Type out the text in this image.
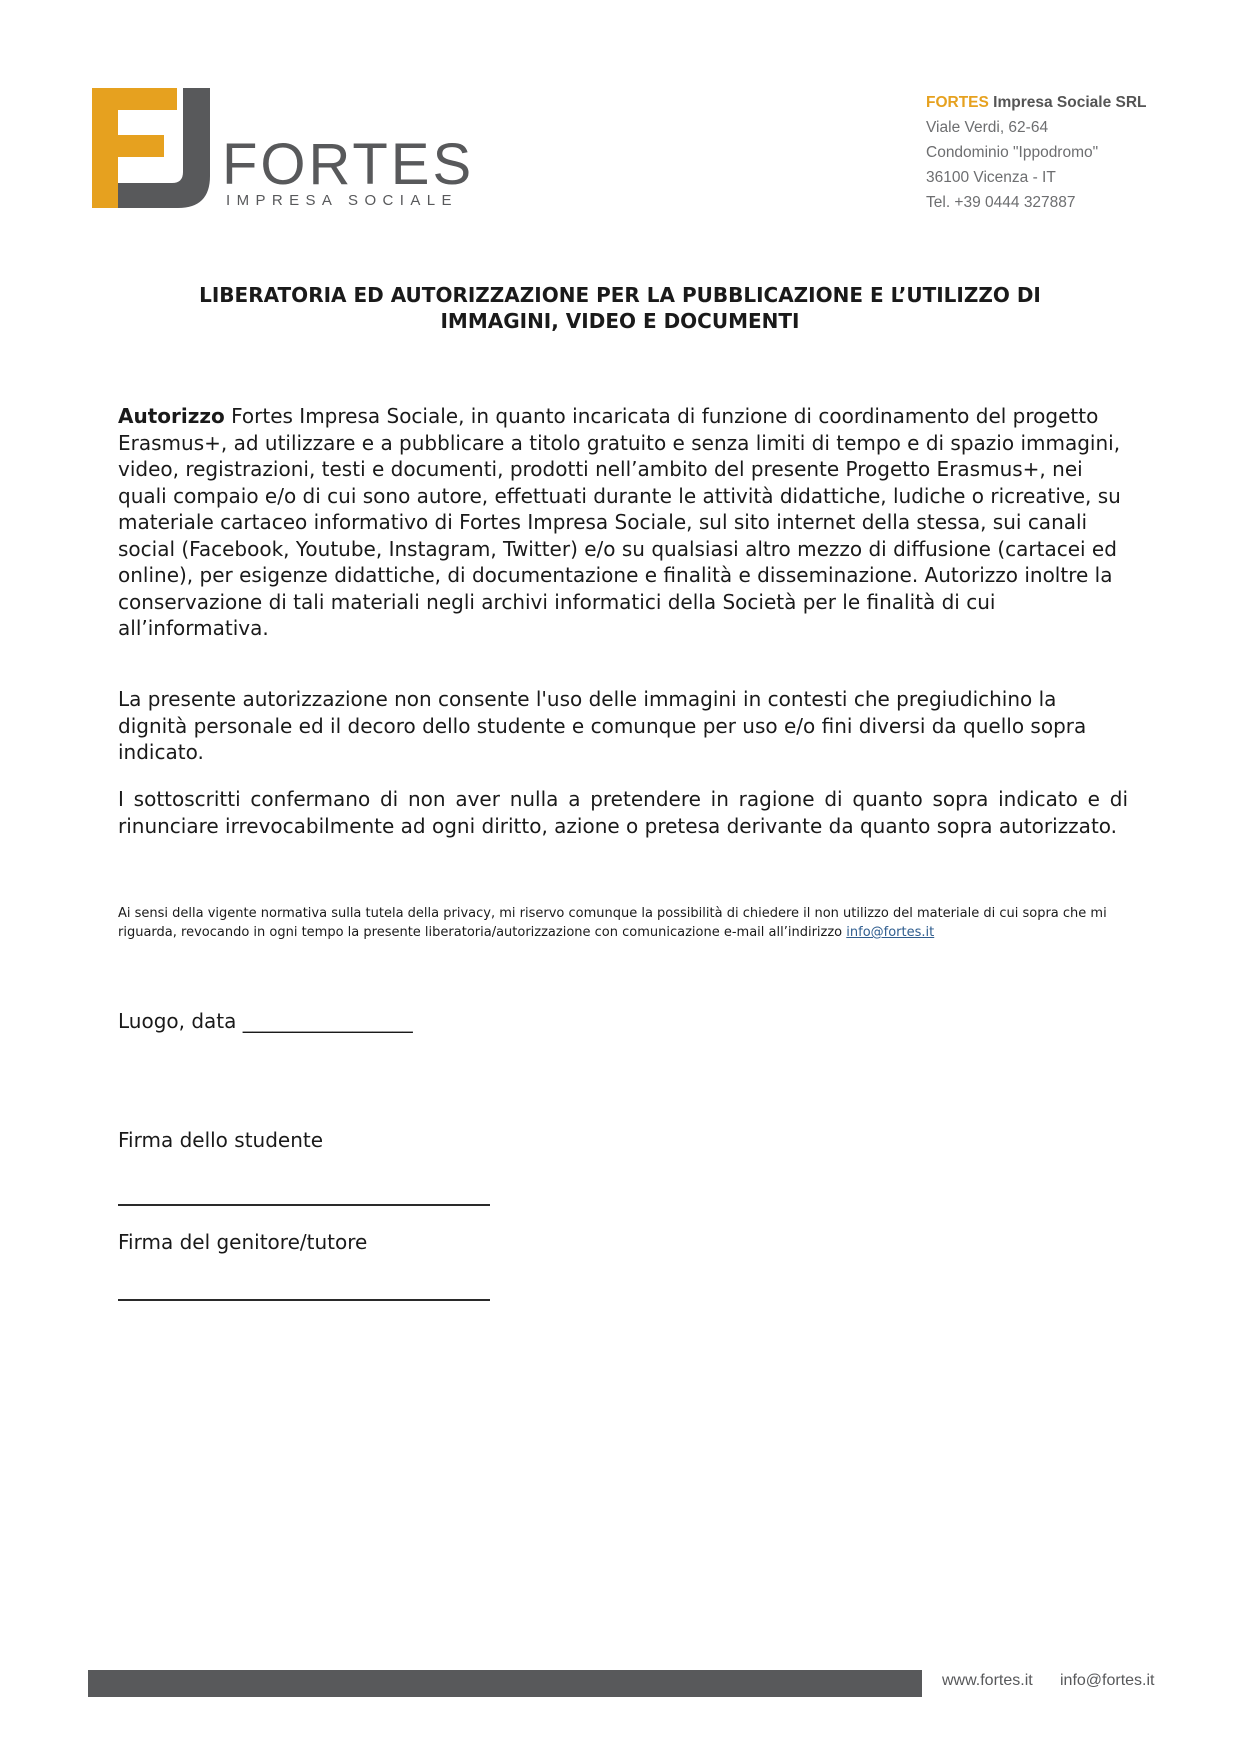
FORTES
IMPRESA SOCIALE
FORTES Impresa Sociale SRL
Viale Verdi, 62-64
Condominio "Ippodromo"
36100 Vicenza - IT
Tel. +39 0444 327887
LIBERATORIA ED AUTORIZZAZIONE PER LA PUBBLICAZIONE E L’UTILIZZO DI
IMMAGINI, VIDEO E DOCUMENTI

Autorizzo Fortes Impresa Sociale, in quanto incaricata di funzione di coordinamento del progetto Erasmus+, ad utilizzare e a pubblicare a titolo gratuito e senza limiti di tempo e di spazio immagini, video, registrazioni, testi e documenti, prodotti nell’ambito del presente Progetto Erasmus+, nei quali compaio e/o di cui sono autore, effettuati durante le attività didattiche, ludiche o ricreative, su materiale cartaceo informativo di Fortes Impresa Sociale, sul sito internet della stessa, sui canali social (Facebook, Youtube, Instagram, Twitter) e/o su qualsiasi altro mezzo di diffusione (cartacei ed online), per esigenze didattiche, di documentazione e finalità e disseminazione. Autorizzo inoltre la conservazione di tali materiali negli archivi informatici della Società per le finalità di cui all’informativa.

La presente autorizzazione non consente l'uso delle immagini in contesti che pregiudichino la dignità personale ed il decoro dello studente e comunque per uso e/o fini diversi da quello sopra indicato.

I sottoscritti confermano di non aver nulla a pretendere in ragione di quanto sopra indicato e di rinunciare irrevocabilmente ad ogni diritto, azione o pretesa derivante da quanto sopra autorizzato.

Ai sensi della vigente normativa sulla tutela della privacy, mi riservo comunque la possibilità di chiedere il non utilizzo del materiale di cui sopra che mi riguarda, revocando in ogni tempo la presente liberatoria/autorizzazione con comunicazione e-mail all’indirizzo info@fortes.it

Luogo, data _________________
Firma dello studente
Firma del genitore/tutore
www.fortes.it info@fortes.it
